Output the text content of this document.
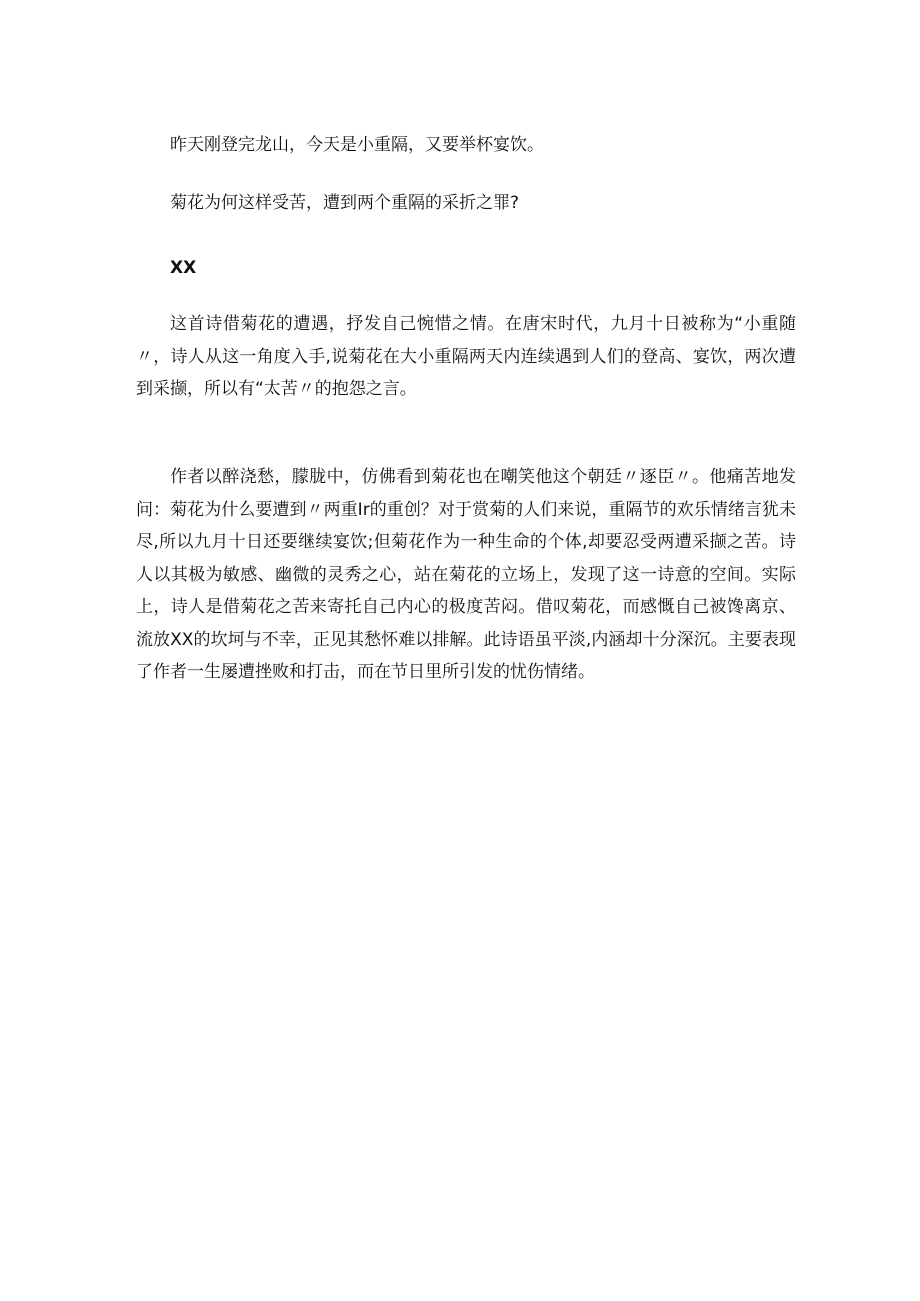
昨天刚登完龙山，今天是小重隔，又要举杯宴饮。

菊花为何这样受苦，遭到两个重隔的采折之罪?

XX

这首诗借菊花的遭遇，抒发自己惋惜之情。在唐宋时代，九月十日被称为“小重随〃，诗人从这一角度入手,说菊花在大小重隔两天内连续遇到人们的登高、宴饮，两次遭到采撷，所以有“太苦〃的抱怨之言。

作者以醉浇愁，朦胧中，仿佛看到菊花也在嘲笑他这个朝廷〃逐臣〃。他痛苦地发问：菊花为什么要遭到〃两重Ir的重创？对于赏菊的人们来说，重隔节的欢乐情绪言犹未尽,所以九月十日还要继续宴饮;但菊花作为一种生命的个体,却要忍受两遭采撷之苦。诗人以其极为敏感、幽微的灵秀之心，站在菊花的立场上，发现了这一诗意的空间。实际上，诗人是借菊花之苦来寄托自己内心的极度苦闷。借叹菊花，而感慨自己被馋离京、流放XX的坎坷与不幸，正见其愁怀难以排解。此诗语虽平淡,内涵却十分深沉。主要表现了作者一生屡遭挫败和打击，而在节日里所引发的忧伤情绪。
